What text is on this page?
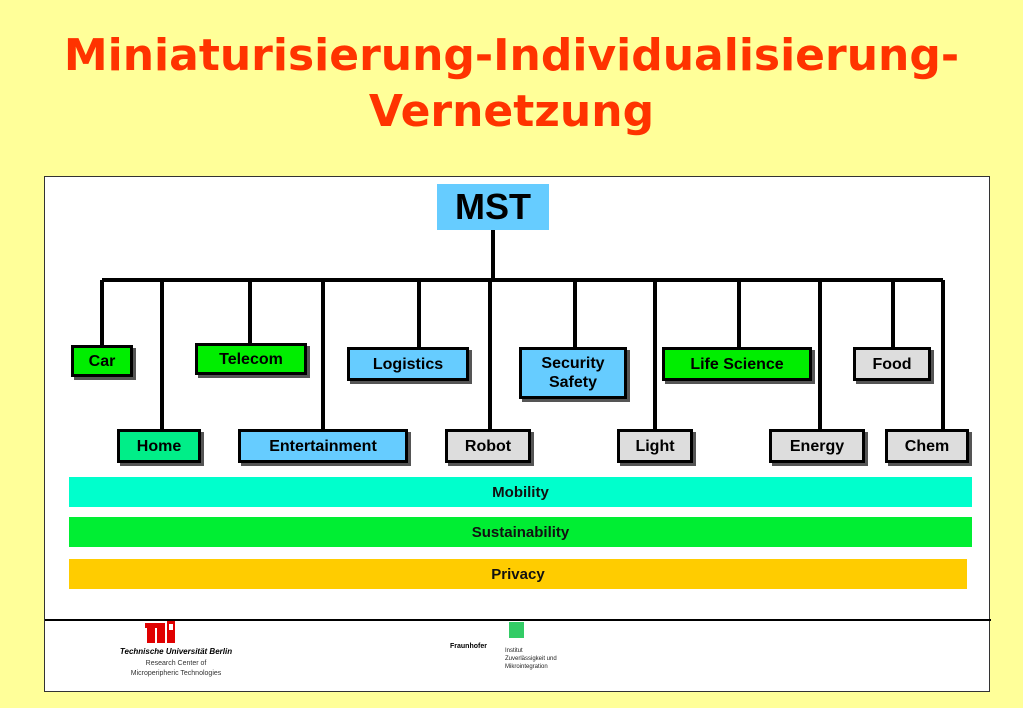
Miniaturisierung-Individualisierung-
Vernetzung
MST
Car	Telecom	Logistics	Security
Safety
Life Science	Food
Home	Entertainment	Robot	Light	Energy	Chem
Mobility
Sustainability
Privacy
Technische Universität Berlin
Research Center of
Microperipheric Technologies
Fraunhofer
Institut
Zuverlässigkeit und
Mikrointegration
